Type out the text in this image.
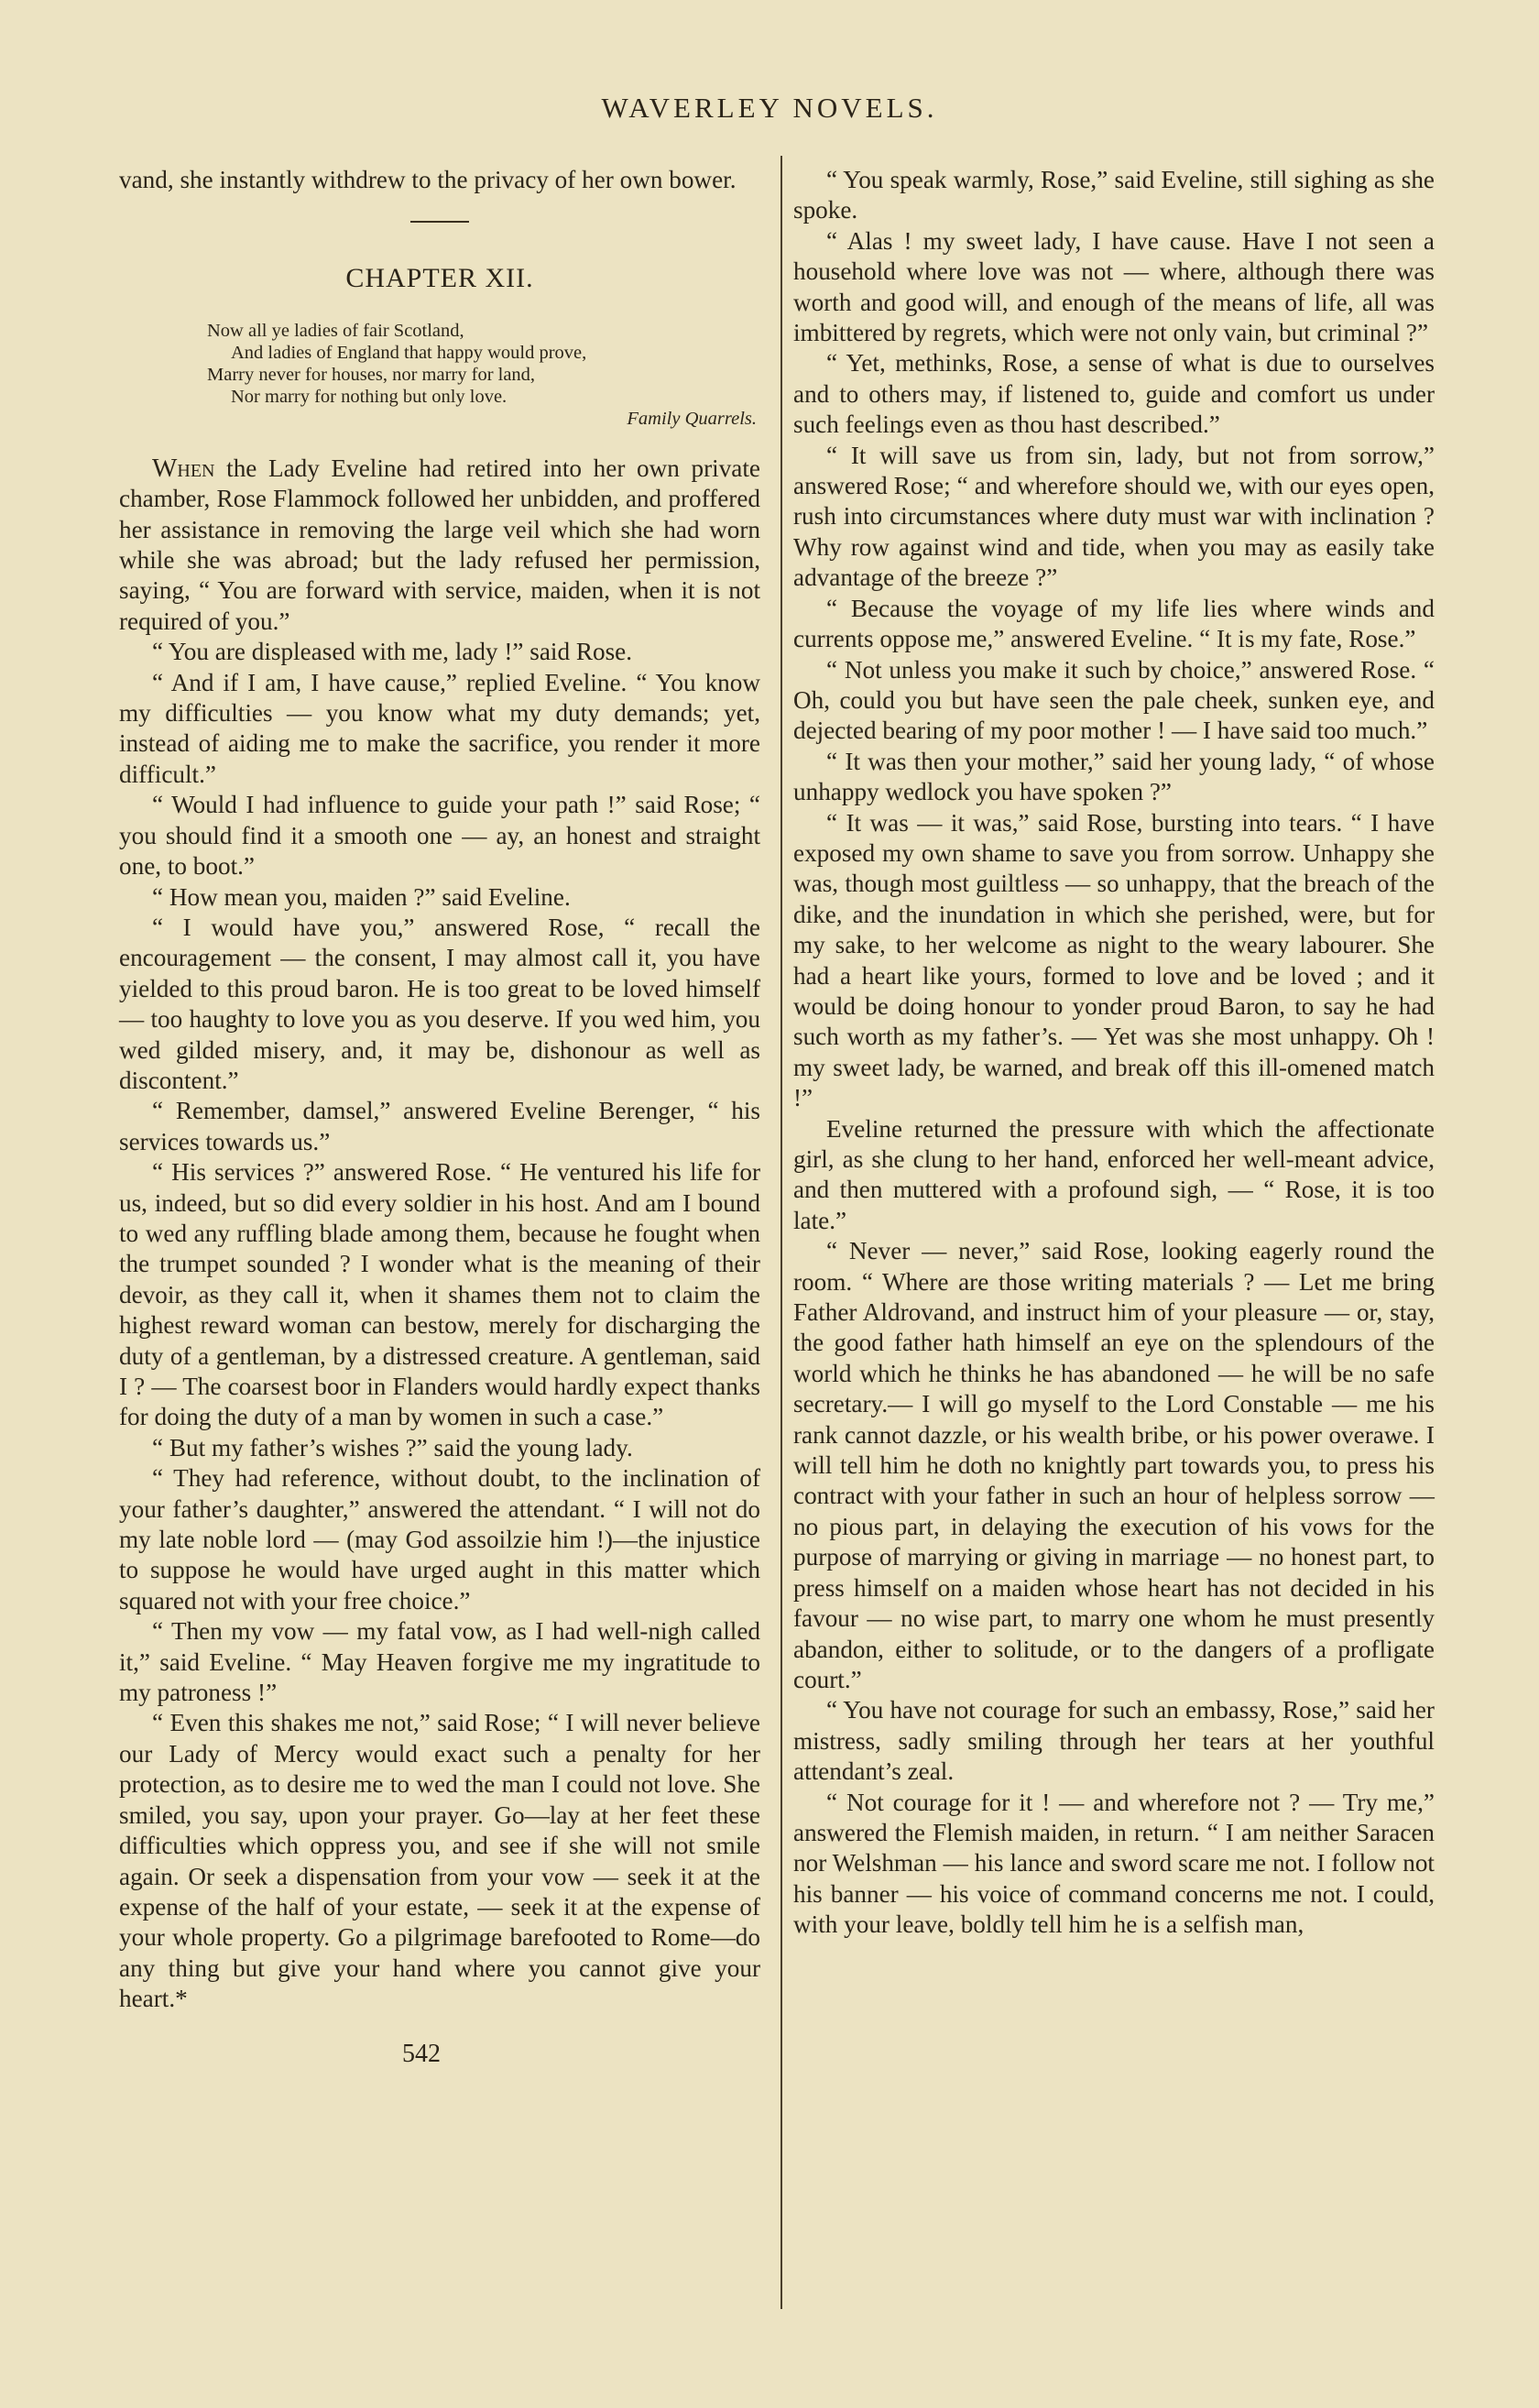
WAVERLEY NOVELS.

vand, she instantly withdrew to the privacy of her own bower.

CHAPTER XII.
Now all ye ladies of fair Scotland,
And ladies of England that happy would prove,
Marry never for houses, nor marry for land,
Nor marry for nothing but only love.
Family Quarrels.

When the Lady Eveline had retired into her own private chamber, Rose Flammock followed her unbidden, and proffered her assistance in removing the large veil which she had worn while she was abroad; but the lady refused her permission, saying, “ You are forward with service, maiden, when it is not required of you.”

“ You are displeased with me, lady !” said Rose.

“ And if I am, I have cause,” replied Eveline. “ You know my difficulties — you know what my duty demands; yet, instead of aiding me to make the sacrifice, you render it more difficult.”

“ Would I had influence to guide your path !” said Rose; “ you should find it a smooth one — ay, an honest and straight one, to boot.”

“ How mean you, maiden ?” said Eveline.

“ I would have you,” answered Rose, “ recall the encouragement — the consent, I may almost call it, you have yielded to this proud baron. He is too great to be loved himself — too haughty to love you as you deserve. If you wed him, you wed gilded misery, and, it may be, dishonour as well as discontent.”

“ Remember, damsel,” answered Eveline Berenger, “ his services towards us.”

“ His services ?” answered Rose. “ He ventured his life for us, indeed, but so did every soldier in his host. And am I bound to wed any ruffling blade among them, because he fought when the trumpet sounded ? I wonder what is the meaning of their devoir, as they call it, when it shames them not to claim the highest reward woman can bestow, merely for discharging the duty of a gentleman, by a distressed creature. A gentleman, said I ? — The coarsest boor in Flanders would hardly expect thanks for doing the duty of a man by women in such a case.”

“ But my father’s wishes ?” said the young lady.

“ They had reference, without doubt, to the inclination of your father’s daughter,” answered the attendant. “ I will not do my late noble lord — (may God assoilzie him !)—the injustice to suppose he would have urged aught in this matter which squared not with your free choice.”

“ Then my vow — my fatal vow, as I had well-nigh called it,” said Eveline. “ May Heaven forgive me my ingratitude to my patroness !”

“ Even this shakes me not,” said Rose; “ I will never believe our Lady of Mercy would exact such a penalty for her protection, as to desire me to wed the man I could not love. She smiled, you say, upon your prayer. Go—lay at her feet these difficulties which oppress you, and see if she will not smile again. Or seek a dispensation from your vow — seek it at the expense of the half of your estate, — seek it at the expense of your whole property. Go a pilgrimage barefooted to Rome—do any thing but give your hand where you cannot give your heart.*

542

“ You speak warmly, Rose,” said Eveline, still sighing as she spoke.

“ Alas ! my sweet lady, I have cause. Have I not seen a household where love was not — where, although there was worth and good will, and enough of the means of life, all was imbittered by regrets, which were not only vain, but criminal ?”

“ Yet, methinks, Rose, a sense of what is due to ourselves and to others may, if listened to, guide and comfort us under such feelings even as thou hast described.”

“ It will save us from sin, lady, but not from sorrow,” answered Rose; “ and wherefore should we, with our eyes open, rush into circumstances where duty must war with inclination ? Why row against wind and tide, when you may as easily take advantage of the breeze ?”

“ Because the voyage of my life lies where winds and currents oppose me,” answered Eveline. “ It is my fate, Rose.”

“ Not unless you make it such by choice,” answered Rose. “ Oh, could you but have seen the pale cheek, sunken eye, and dejected bearing of my poor mother ! — I have said too much.”

“ It was then your mother,” said her young lady, “ of whose unhappy wedlock you have spoken ?”

“ It was — it was,” said Rose, bursting into tears. “ I have exposed my own shame to save you from sorrow. Unhappy she was, though most guiltless — so unhappy, that the breach of the dike, and the inundation in which she perished, were, but for my sake, to her welcome as night to the weary labourer. She had a heart like yours, formed to love and be loved ; and it would be doing honour to yonder proud Baron, to say he had such worth as my father’s. — Yet was she most unhappy. Oh ! my sweet lady, be warned, and break off this ill-omened match !”

Eveline returned the pressure with which the affectionate girl, as she clung to her hand, enforced her well-meant advice, and then muttered with a profound sigh, — “ Rose, it is too late.”

“ Never — never,” said Rose, looking eagerly round the room. “ Where are those writing materials ? — Let me bring Father Aldrovand, and instruct him of your pleasure — or, stay, the good father hath himself an eye on the splendours of the world which he thinks he has abandoned — he will be no safe secretary.— I will go myself to the Lord Constable — me his rank cannot dazzle, or his wealth bribe, or his power overawe. I will tell him he doth no knightly part towards you, to press his contract with your father in such an hour of helpless sorrow — no pious part, in delaying the execution of his vows for the purpose of marrying or giving in marriage — no honest part, to press himself on a maiden whose heart has not decided in his favour — no wise part, to marry one whom he must presently abandon, either to solitude, or to the dangers of a profligate court.”

“ You have not courage for such an embassy, Rose,” said her mistress, sadly smiling through her tears at her youthful attendant’s zeal.

“ Not courage for it ! — and wherefore not ? — Try me,” answered the Flemish maiden, in return. “ I am neither Saracen nor Welshman — his lance and sword scare me not. I follow not his banner — his voice of command concerns me not. I could, with your leave, boldly tell him he is a selfish man,
